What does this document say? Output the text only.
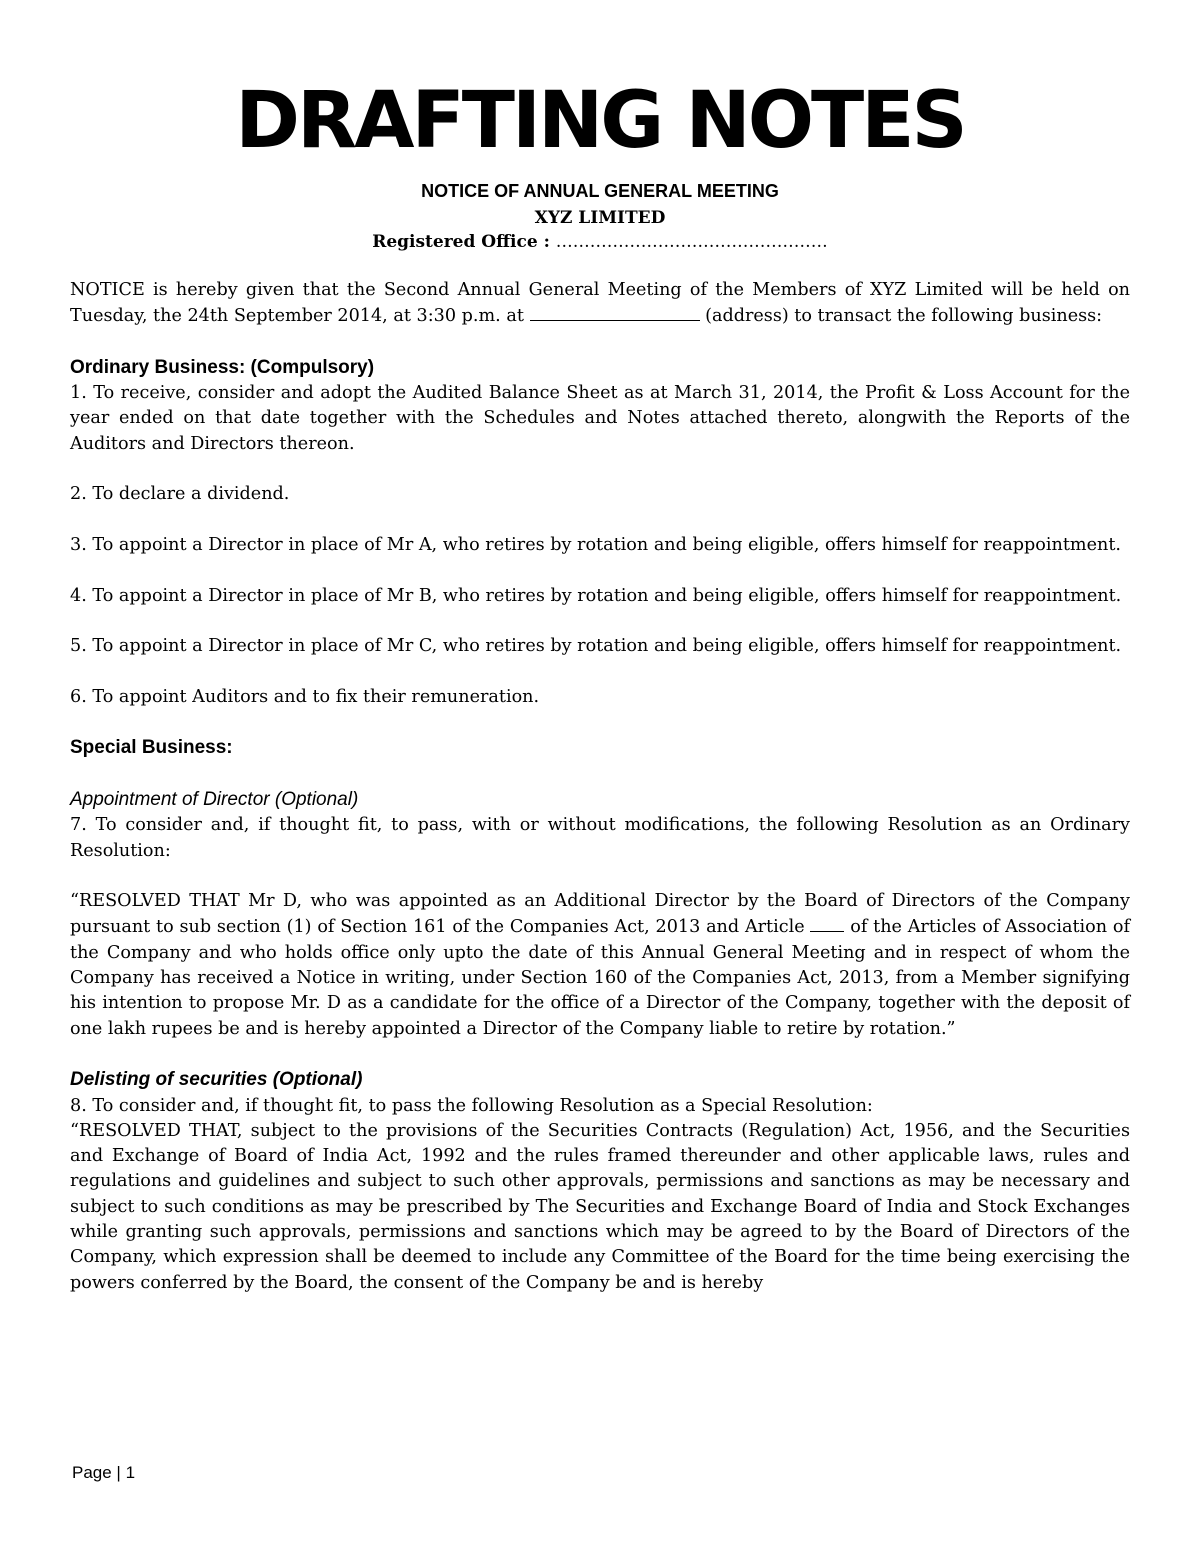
DRAFTING NOTES
NOTICE OF ANNUAL GENERAL MEETING
XYZ LIMITED
Registered Office : …………………………………………

NOTICE is hereby given that the Second Annual General Meeting of the Members of XYZ Limited will be held on Tuesday, the 24th September 2014, at 3:30 p.m. at	(address) to transact the following business:

Ordinary Business: (Compulsory)

1. To receive, consider and adopt the Audited Balance Sheet as at March 31, 2014, the Profit & Loss Account for the year ended on that date together with the Schedules and Notes attached thereto, alongwith the Reports of the Auditors and Directors thereon.

2. To declare a dividend.

3. To appoint a Director in place of Mr A, who retires by rotation and being eligible, offers himself for reappointment.

4. To appoint a Director in place of Mr B, who retires by rotation and being eligible, offers himself for reappointment.

5. To appoint a Director in place of Mr C, who retires by rotation and being eligible, offers himself for reappointment.

6. To appoint Auditors and to fix their remuneration.

Special Business:

Appointment of Director (Optional)

7. To consider and, if thought fit, to pass, with or without modifications, the following Resolution as an Ordinary Resolution:

“RESOLVED THAT Mr D, who was appointed as an Additional Director by the Board of Directors of the Company pursuant to sub section (1) of Section 161 of the Companies Act, 2013 and Article  of the Articles of Association of the Company and who holds office only upto the date of this Annual General Meeting and in respect of whom the Company has received a Notice in writing, under Section 160 of the Companies Act, 2013, from a Member signifying his intention to propose Mr. D as a candidate for the office of a Director of the Company, together with the deposit of one lakh rupees be and is hereby appointed a Director of the Company liable to retire by rotation.”

Delisting of securities (Optional)

8. To consider and, if thought fit, to pass the following Resolution as a Special Resolution:

“RESOLVED THAT, subject to the provisions of the Securities Contracts (Regulation) Act, 1956, and the Securities and Exchange of Board of India Act, 1992 and the rules framed thereunder and other applicable laws, rules and regulations and guidelines and subject to such other approvals, permissions and sanctions as may be necessary and subject to such conditions as may be prescribed by The Securities and Exchange Board of India and Stock Exchanges while granting such approvals, permissions and sanctions which may be agreed to by the Board of Directors of the Company, which expression shall be deemed to include any Committee of the Board for the time being exercising the powers conferred by the Board, the consent of the Company be and is hereby

Page | 1
